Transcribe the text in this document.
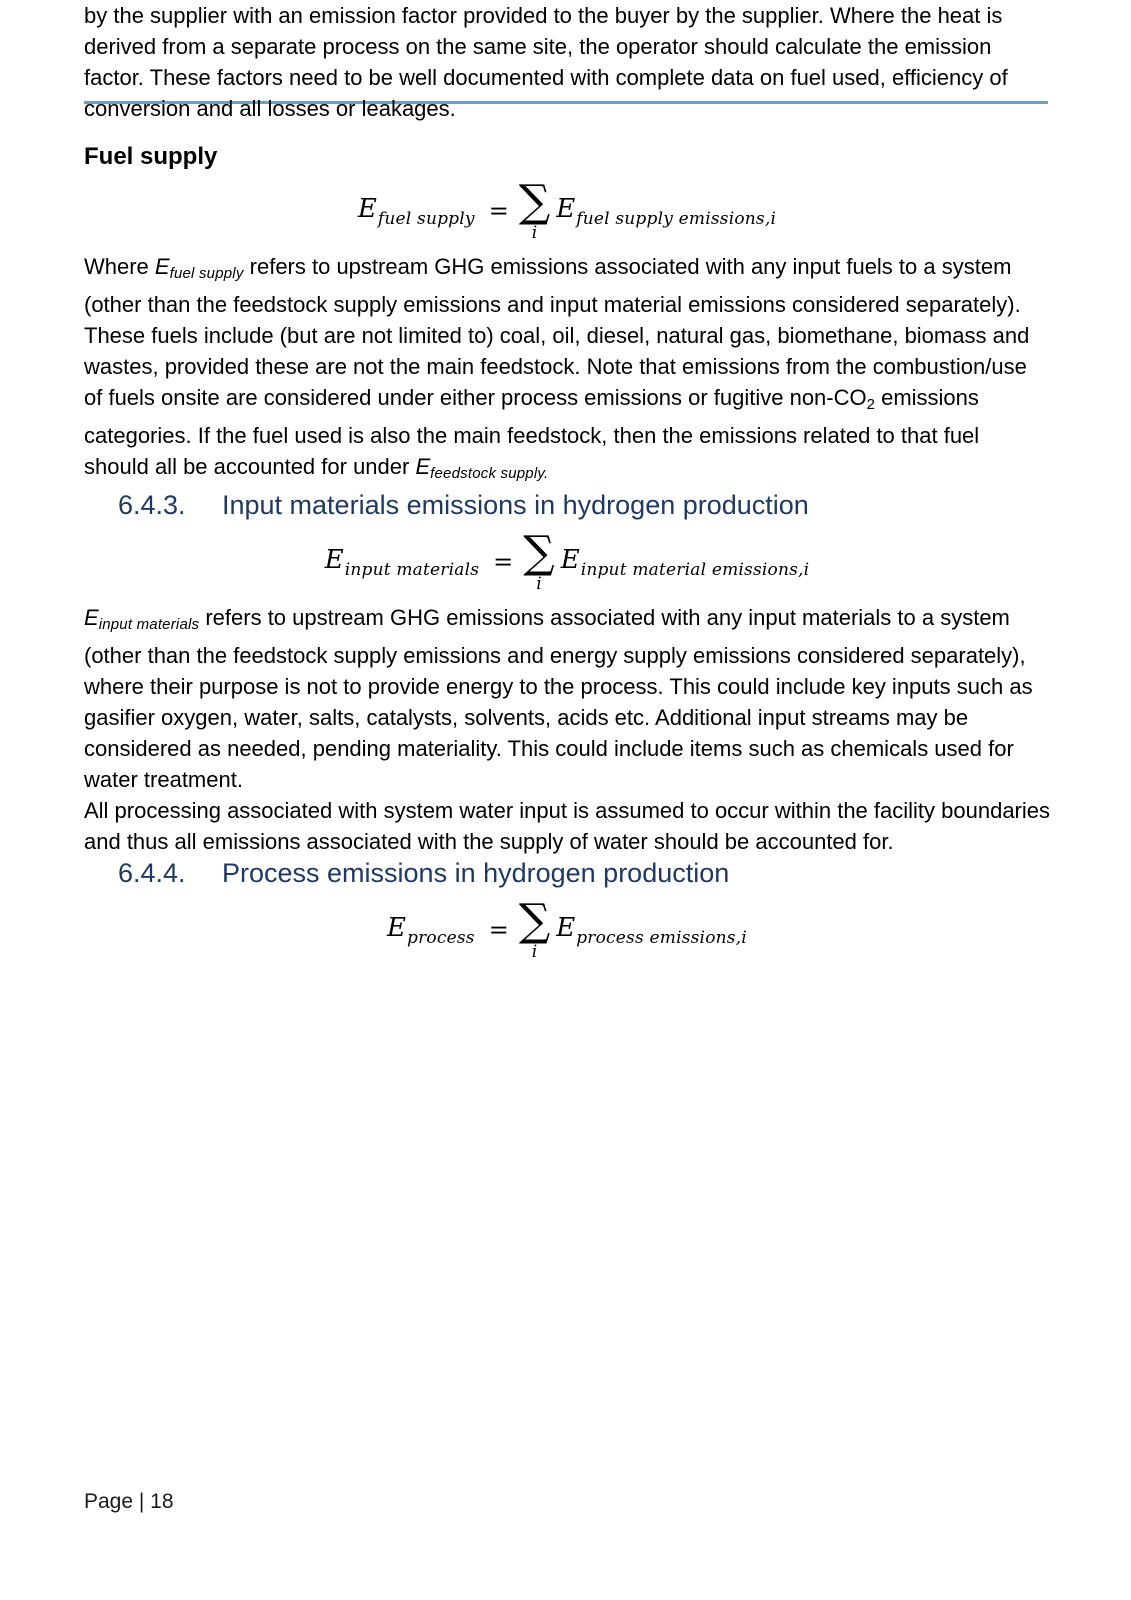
by the supplier with an emission factor provided to the buyer by the supplier. Where the heat is derived from a separate process on the same site, the operator should calculate the emission factor. These factors need to be well documented with complete data on fuel used, efficiency of conversion and all losses or leakages.

Fuel supply
Efuel supply = ∑
i
Efuel supply emissions,i

Where Efuel supply refers to upstream GHG emissions associated with any input fuels to a system (other than the feedstock supply emissions and input material emissions considered separately). These fuels include (but are not limited to) coal, oil, diesel, natural gas, biomethane, biomass and wastes, provided these are not the main feedstock. Note that emissions from the combustion/use of fuels onsite are considered under either process emissions or fugitive non-CO2 emissions categories. If the fuel used is also the main feedstock, then the emissions related to that fuel should all be accounted for under Efeedstock supply.

6.4.3. Input materials emissions in hydrogen production
Einput materials = ∑
i
Einput material emissions,i

Einput materials refers to upstream GHG emissions associated with any input materials to a system (other than the feedstock supply emissions and energy supply emissions considered separately), where their purpose is not to provide energy to the process. This could include key inputs such as gasifier oxygen, water, salts, catalysts, solvents, acids etc. Additional input streams may be considered as needed, pending materiality. This could include items such as chemicals used for water treatment.

All processing associated with system water input is assumed to occur within the facility boundaries and thus all emissions associated with the supply of water should be accounted for.

6.4.4. Process emissions in hydrogen production
Eprocess = ∑
i
Eprocess emissions,i
Page | 18
